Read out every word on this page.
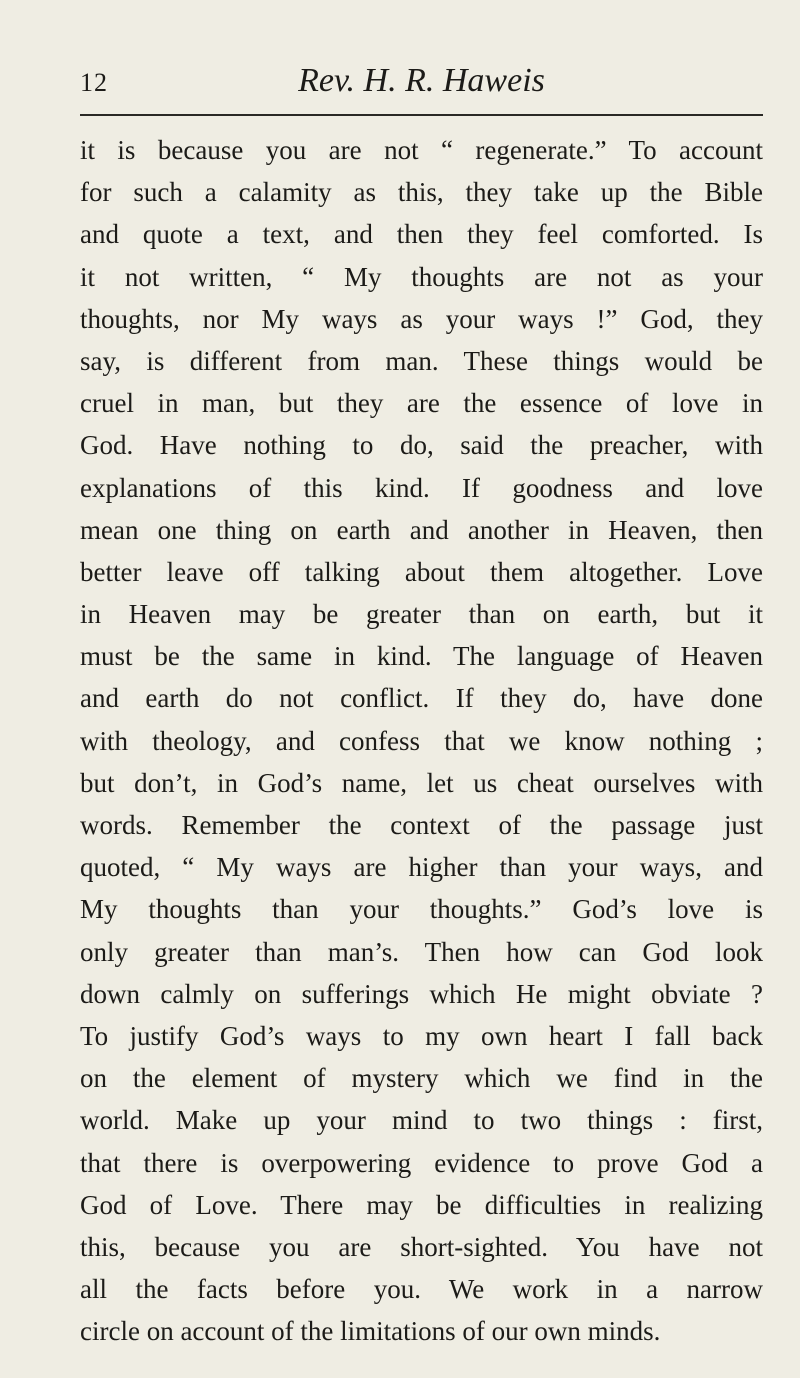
12	Rev. H. R. Haweis
it is because you are not “ regenerate.” To account
for such a calamity as this, they take up the Bible
and quote a text, and then they feel comforted. Is
it not written, “ My thoughts are not as your
thoughts, nor My ways as your ways !” God, they
say, is different from man. These things would be
cruel in man, but they are the essence of love in
God. Have nothing to do, said the preacher, with
explanations of this kind. If goodness and love
mean one thing on earth and another in Heaven, then
better leave off talking about them altogether. Love
in Heaven may be greater than on earth, but it
must be the same in kind. The language of Heaven
and earth do not conflict. If they do, have done
with theology, and confess that we know nothing ;
but don’t, in God’s name, let us cheat ourselves with
words. Remember the context of the passage just
quoted, “ My ways are higher than your ways, and
My thoughts than your thoughts.” God’s love is
only greater than man’s. Then how can God look
down calmly on sufferings which He might obviate ?
To justify God’s ways to my own heart I fall back
on the element of mystery which we find in the
world. Make up your mind to two things : first,
that there is overpowering evidence to prove God a
God of Love. There may be difficulties in realizing
this, because you are short-sighted. You have not
all the facts before you. We work in a narrow
circle on account of the limitations of our own minds.
